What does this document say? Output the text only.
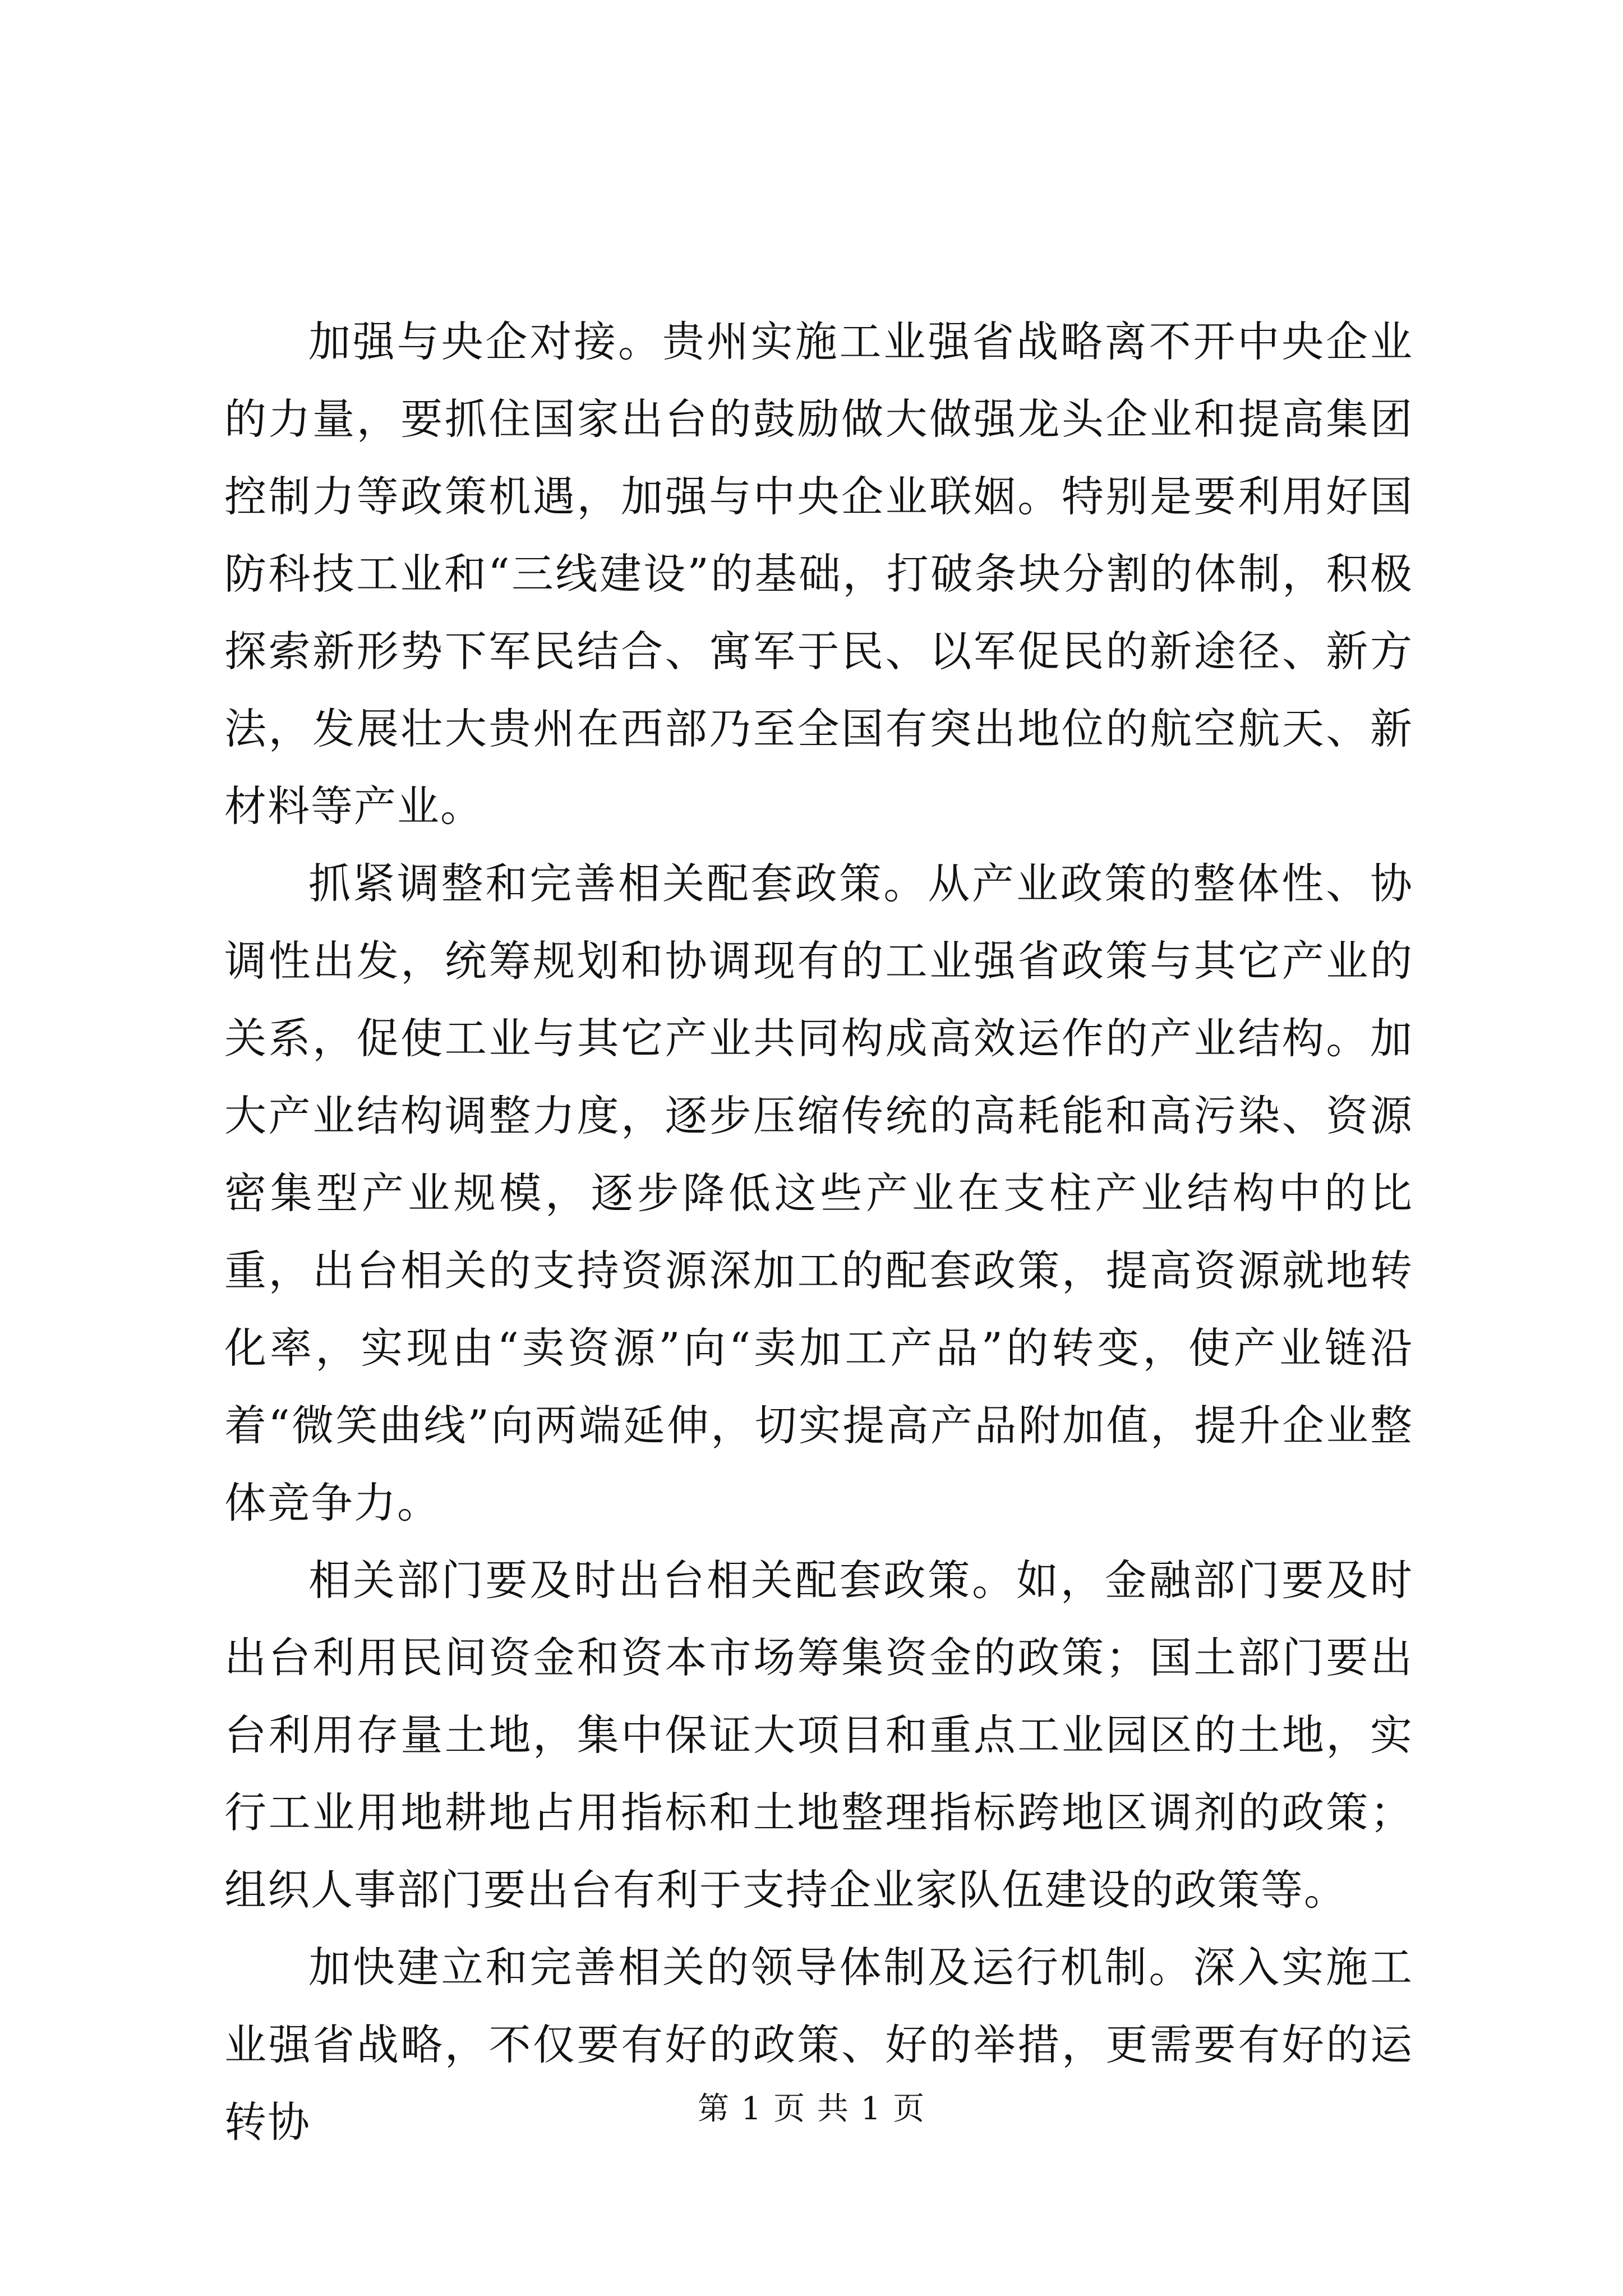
加强与央企对接。贵州实施工业强省战略离不开中央企业的力量，要抓住国家出台的鼓励做大做强龙头企业和提高集团控制力等政策机遇，加强与中央企业联姻。特别是要利用好国防科技工业和“三线建设”的基础，打破条块分割的体制，积极探索新形势下军民结合、寓军于民、以军促民的新途径、新方法，发展壮大贵州在西部乃至全国有突出地位的航空航天、新材料等产业。

抓紧调整和完善相关配套政策。从产业政策的整体性、协调性出发，统筹规划和协调现有的工业强省政策与其它产业的关系，促使工业与其它产业共同构成高效运作的产业结构。加大产业结构调整力度，逐步压缩传统的高耗能和高污染、资源密集型产业规模，逐步降低这些产业在支柱产业结构中的比重，出台相关的支持资源深加工的配套政策，提高资源就地转化率，实现由“卖资源”向“卖加工产品”的转变，使产业链沿着“微笑曲线”向两端延伸，切实提高产品附加值，提升企业整体竞争力。

相关部门要及时出台相关配套政策。如，金融部门要及时出台利用民间资金和资本市场筹集资金的政策；国土部门要出台利用存量土地，集中保证大项目和重点工业园区的土地，实行工业用地耕地占用指标和土地整理指标跨地区调剂的政策；组织人事部门要出台有利于支持企业家队伍建设的政策等。

加快建立和完善相关的领导体制及运行机制。深入实施工业强省战略，不仅要有好的政策、好的举措，更需要有好的运转协	第 1 页 共 1 页
